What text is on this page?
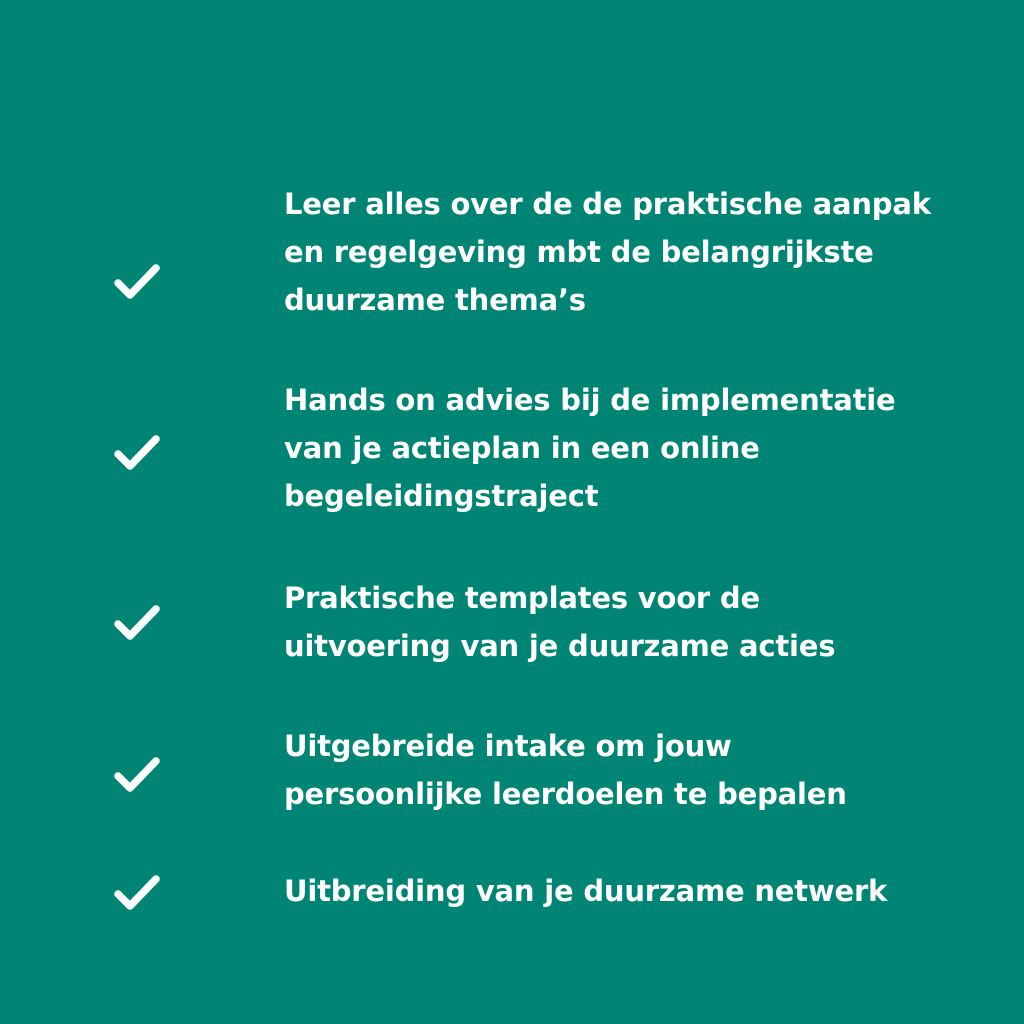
Leer alles over de de praktische aanpak
en regelgeving mbt de belangrijkste
duurzame thema’s
Hands on advies bij de implementatie
van je actieplan in een online
begeleidingstraject
Praktische templates voor de
uitvoering van je duurzame acties
Uitgebreide intake om jouw
persoonlijke leerdoelen te bepalen
Uitbreiding van je duurzame netwerk
